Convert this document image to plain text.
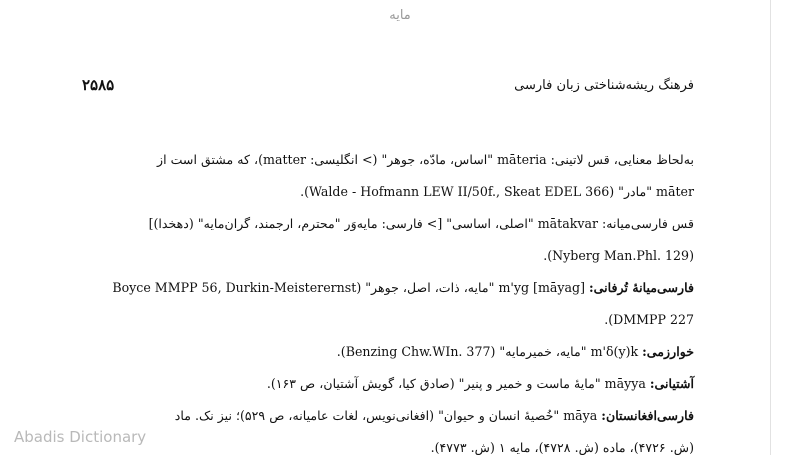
مایه
فرهنگ ریشه‌شناختی زبان فارسی
۲۵۸۵
به‌لحاظ معنایی، قس لاتینی: māteria "اساس، مادّه، جوهر" (> انگلیسی: matter)، که مشتق است از
māter "مادر" (Walde - Hofmann LEW II/50f., Skeat EDEL 366).
قس فارسی‌میانه: mātakvar "اصلی، اساسی" [> فارسی: مایه‌وَر "محترم، ارجمند، گران‌مایه" (دهخدا)]
(Nyberg Man.Phl. 129).
فارسی‌میانهٔ تُرفانی: [māyag] m'yg "مایه، ذات، اصل، جوهر" (Boyce MMPP 56, Durkin-Meisterernst
DMMPP 227).
خوارزمی: m'δ(y)k "مایه، خمیرمایه" (Benzing Chw.WIn. 377).
آشتیانی: māyya "مایهٔ ماست و خمیر و پنیر" (صادق کیا، گویش آشتیان، ص ۱۶۳).
فارسی‌افغانستان: māya "خُصیهٔ انسان و حیوان" (افغانی‌نویس، لغات عامیانه، ص ۵۲۹)؛ نیز نک. ماد
(ش. ۴۷۲۶)، ماده (ش. ۴۷۲۸)، مایه ۱ (ش. ۴۷۷۳).
Abadis Dictionary
